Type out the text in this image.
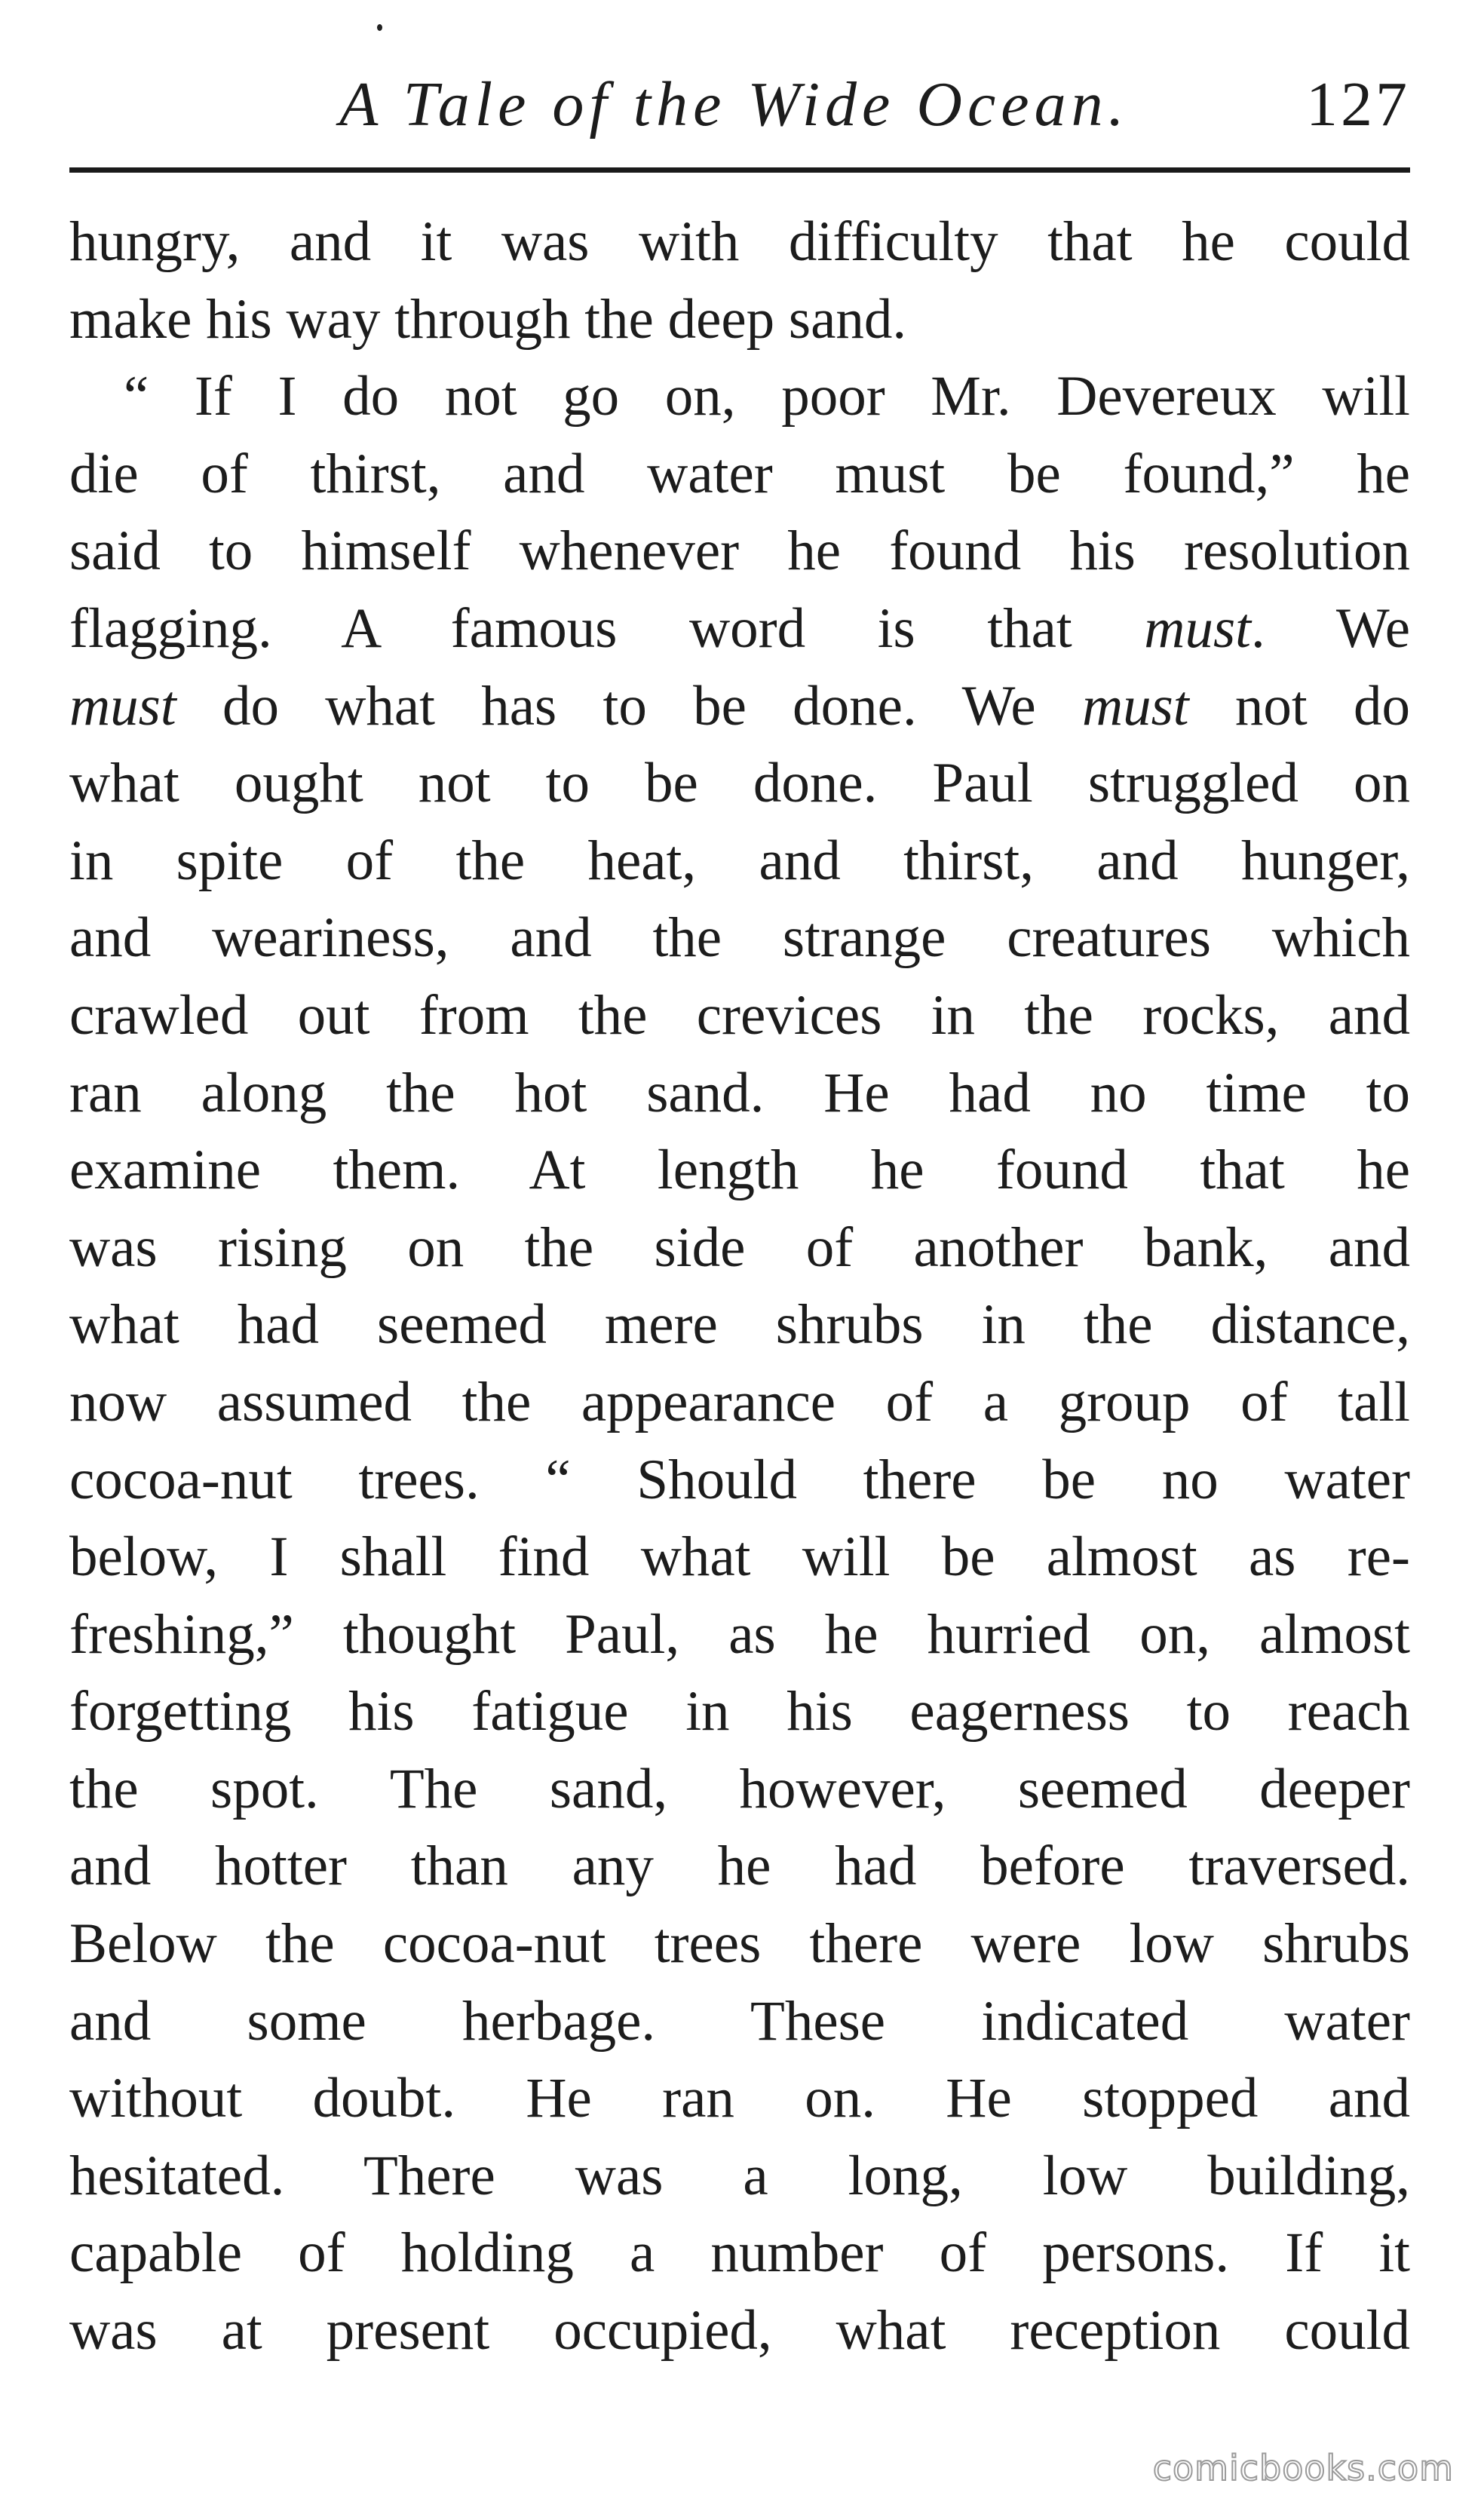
A Tale of the Wide Ocean.	127
hungry, and it was with difficulty that he could
make his way through the deep sand.
“ If I do not go on, poor Mr. Devereux will
die of thirst, and water must be found,” he
said to himself whenever he found his resolution
flagging. A famous word is that must. We
must do what has to be done. We must not do
what ought not to be done. Paul struggled on
in spite of the heat, and thirst, and hunger,
and weariness, and the strange creatures which
crawled out from the crevices in the rocks, and
ran along the hot sand. He had no time to
examine them. At length he found that he
was rising on the side of another bank, and
what had seemed mere shrubs in the distance,
now assumed the appearance of a group of tall
cocoa-nut trees. “ Should there be no water
below, I shall find what will be almost as re-
freshing,” thought Paul, as he hurried on, almost
forgetting his fatigue in his eagerness to reach
the spot. The sand, however, seemed deeper
and hotter than any he had before traversed.
Below the cocoa-nut trees there were low shrubs
and some herbage. These indicated water
without doubt. He ran on. He stopped and
hesitated. There was a long, low building,
capable of holding a number of persons. If it
was at present occupied, what reception could
comicbooks.com
